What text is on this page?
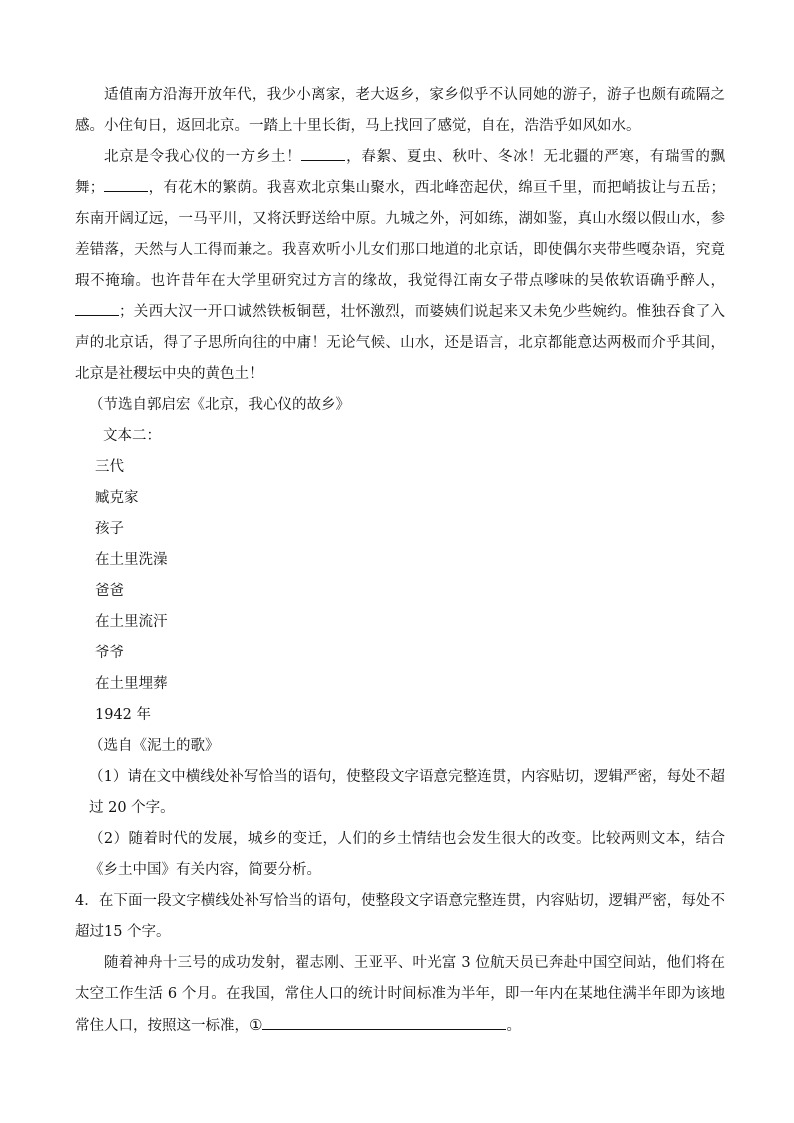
适值南方沿海开放年代，我少小离家，老大返乡，家乡似乎不认同她的游子，游子也颇有疏隔之感。小住旬日，返回北京。一踏上十里长街，马上找回了感觉，自在，浩浩乎如风如水。

北京是令我心仪的一方乡土！	，春絮、夏虫、秋叶、冬冰！无北疆的严寒，有瑞雪的飘舞；	，有花木的繁荫。我喜欢北京集山聚水，西北峰峦起伏，绵亘千里，而把峭拔让与五岳；东南开阔辽远，一马平川，又将沃野送给中原。九城之外，河如练，湖如鉴，真山水缀以假山水，参差错落，天然与人工得而兼之。我喜欢听小儿女们那口地道的北京话，即使偶尔夹带些嘎杂语，究竟瑕不掩瑜。也许昔年在大学里研究过方言的缘故，我觉得江南女子带点嗲味的吴侬软语确乎醉人，；关西大汉一开口诚然铁板铜琶，壮怀激烈，而婆姨们说起来又未免少些婉约。惟独吞食了入声的北京话，得了子思所向往的中庸！无论气候、山水，还是语言，北京都能意达两极而介乎其间，北京是社稷坛中央的黄色土！

（节选自郭启宏《北京，我心仪的故乡》

文本二：

三代

臧克家

孩子

在土里洗澡

爸爸

在土里流汗

爷爷

在土里埋葬

1942 年

（选自《泥土的歌》

（1）请在文中横线处补写恰当的语句，使整段文字语意完整连贯，内容贴切，逻辑严密，每处不超过 20 个字。

（2）随着时代的发展，城乡的变迁，人们的乡土情结也会发生很大的改变。比较两则文本，结合《乡土中国》有关内容，简要分析。

4．在下面一段文字横线处补写恰当的语句，使整段文字语意完整连贯，内容贴切，逻辑严密，每处不超过15 个字。

随着神舟十三号的成功发射，翟志刚、王亚平、叶光富 3 位航天员已奔赴中国空间站，他们将在太空工作生活 6 个月。在我国，常住人口的统计时间标准为半年，即一年内在某地住满半年即为该地常住人口，按照这一标准，①	。
